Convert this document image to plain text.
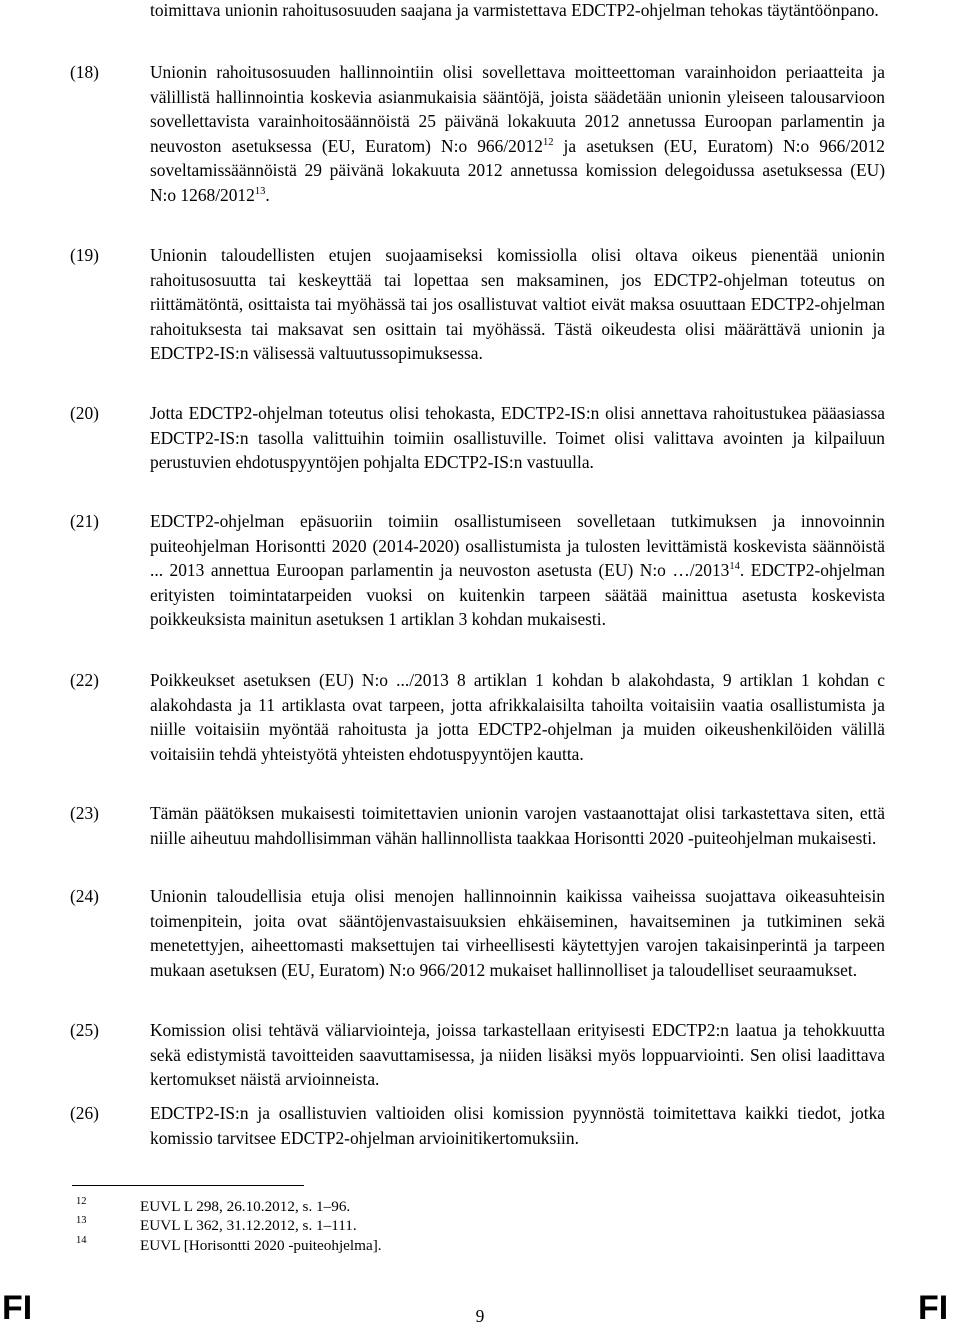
toimittava unionin rahoitusosuuden saajana ja varmistettava EDCTP2-ohjelman tehokas täytäntöönpano.
(18)	Unionin rahoitusosuuden hallinnointiin olisi sovellettava moitteettoman varainhoidon periaatteita ja välillistä hallinnointia koskevia asianmukaisia sääntöjä, joista säädetään unionin yleiseen talousarvioon sovellettavista varainhoitosäännöistä 25 päivänä lokakuuta 2012 annetussa Euroopan parlamentin ja neuvoston asetuksessa (EU, Euratom) N:o 966/2012$^{12}$ ja asetuksen (EU, Euratom) N:o 966/2012 soveltamissäännöistä 29 päivänä lokakuuta 2012 annetussa komission delegoidussa asetuksessa (EU) N:o 1268/2012$^{13}$.

(19)	Unionin taloudellisten etujen suojaamiseksi komissiolla olisi oltava oikeus pienentää unionin rahoitusosuutta tai keskeyttää tai lopettaa sen maksaminen, jos EDCTP2-ohjelman toteutus on riittämätöntä, osittaista tai myöhässä tai jos osallistuvat valtiot eivät maksa osuuttaan EDCTP2-ohjelman rahoituksesta tai maksavat sen osittain tai myöhässä. Tästä oikeudesta olisi määrättävä unionin ja EDCTP2-IS:n välisessä valtuutussopimuksessa.
(20)	Jotta EDCTP2-ohjelman toteutus olisi tehokasta, EDCTP2-IS:n olisi annettava rahoitustukea pääasiassa EDCTP2-IS:n tasolla valittuihin toimiin osallistuville. Toimet olisi valittava avointen ja kilpailuun perustuvien ehdotuspyyntöjen pohjalta EDCTP2-IS:n vastuulla.
(21)	EDCTP2-ohjelman epäsuoriin toimiin osallistumiseen sovelletaan tutkimuksen ja innovoinnin puiteohjelman Horisontti 2020 (2014‑2020) osallistumista ja tulosten levittämistä koskevista säännöistä ... 2013 annettua Euroopan parlamentin ja neuvoston asetusta (EU) N:o …/2013$^{14}$. EDCTP2-ohjelman erityisten toimintatarpeiden vuoksi on kuitenkin tarpeen säätää mainittua asetusta koskevista poikkeuksista mainitun asetuksen 1 artiklan 3 kohdan mukaisesti.

(22)	Poikkeukset asetuksen (EU) N:o .../2013 8 artiklan 1 kohdan b alakohdasta, 9 artiklan 1 kohdan c alakohdasta ja 11 artiklasta ovat tarpeen, jotta afrikkalaisilta tahoilta voitaisiin vaatia osallistumista ja niille voitaisiin myöntää rahoitusta ja jotta EDCTP2-ohjelman ja muiden oikeushenkilöiden välillä voitaisiin tehdä yhteistyötä yhteisten ehdotuspyyntöjen kautta.
(23)	Tämän päätöksen mukaisesti toimitettavien unionin varojen vastaanottajat olisi tarkastettava siten, että niille aiheutuu mahdollisimman vähän hallinnollista taakkaa Horisontti 2020 -puiteohjelman mukaisesti.
(24)	Unionin taloudellisia etuja olisi menojen hallinnoinnin kaikissa vaiheissa suojattava oikeasuhteisin toimenpitein, joita ovat sääntöjenvastaisuuksien ehkäiseminen, havaitseminen ja tutkiminen sekä menetettyjen, aiheettomasti maksettujen tai virheellisesti käytettyjen varojen takaisinperintä ja tarpeen mukaan asetuksen (EU, Euratom) N:o 966/2012 mukaiset hallinnolliset ja taloudelliset seuraamukset.
(25)	Komission olisi tehtävä väliarviointeja, joissa tarkastellaan erityisesti EDCTP2:n laatua ja tehokkuutta sekä edistymistä tavoitteiden saavuttamisessa, ja niiden lisäksi myös loppuarviointi. Sen olisi laadittava kertomukset näistä arvioinneista.
(26)	EDCTP2-IS:n ja osallistuvien valtioiden olisi komission pyynnöstä toimitettava kaikki tiedot, jotka komissio tarvitsee EDCTP2-ohjelman arvioinitikertomuksiin.
12	EUVL L 298, 26.10.2012, s. 1–96.
13	EUVL L 362, 31.12.2012, s. 1–111.
14	EUVL [Horisontti 2020 -puiteohjelma].
FI	9	FI
